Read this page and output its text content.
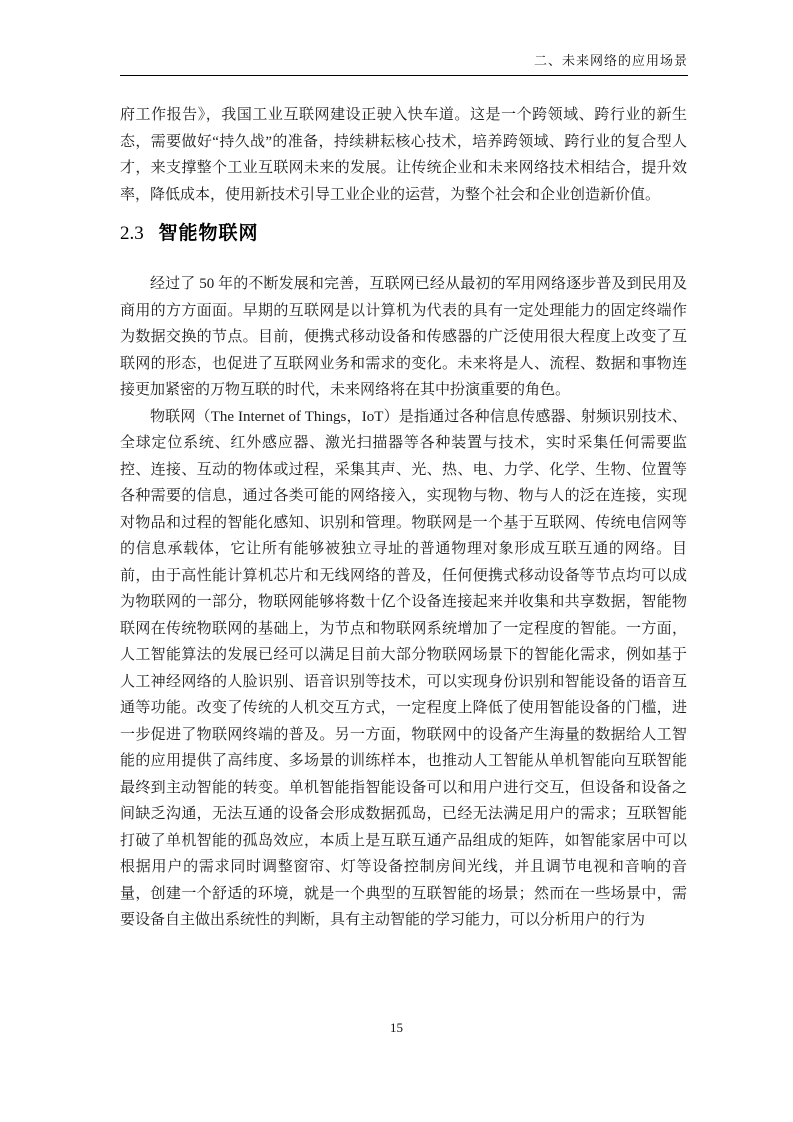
二、未来网络的应用场景

府工作报告》，我国工业互联网建设正驶入快车道。这是一个跨领域、跨行业的新生态，需要做好“持久战”的准备，持续耕耘核心技术，培养跨领域、跨行业的复合型人才，来支撑整个工业互联网未来的发展。让传统企业和未来网络技术相结合，提升效率，降低成本，使用新技术引导工业企业的运营，为整个社会和企业创造新价值。

2.3 智能物联网

经过了 50 年的不断发展和完善，互联网已经从最初的军用网络逐步普及到民用及商用的方方面面。早期的互联网是以计算机为代表的具有一定处理能力的固定终端作为数据交换的节点。目前，便携式移动设备和传感器的广泛使用很大程度上改变了互联网的形态，也促进了互联网业务和需求的变化。未来将是人、流程、数据和事物连接更加紧密的万物互联的时代，未来网络将在其中扮演重要的角色。

物联网（The Internet of Things，IoT）是指通过各种信息传感器、射频识别技术、全球定位系统、红外感应器、激光扫描器等各种装置与技术，实时采集任何需要监控、连接、互动的物体或过程，采集其声、光、热、电、力学、化学、生物、位置等各种需要的信息，通过各类可能的网络接入，实现物与物、物与人的泛在连接，实现对物品和过程的智能化感知、识别和管理。物联网是一个基于互联网、传统电信网等的信息承载体，它让所有能够被独立寻址的普通物理对象形成互联互通的网络。目前，由于高性能计算机芯片和无线网络的普及，任何便携式移动设备等节点均可以成为物联网的一部分，物联网能够将数十亿个设备连接起来并收集和共享数据，智能物联网在传统物联网的基础上，为节点和物联网系统增加了一定程度的智能。一方面，人工智能算法的发展已经可以满足目前大部分物联网场景下的智能化需求，例如基于人工神经网络的人脸识别、语音识别等技术，可以实现身份识别和智能设备的语音互通等功能。改变了传统的人机交互方式，一定程度上降低了使用智能设备的门槛，进一步促进了物联网终端的普及。另一方面，物联网中的设备产生海量的数据给人工智能的应用提供了高纬度、多场景的训练样本，也推动人工智能从单机智能向互联智能最终到主动智能的转变。单机智能指智能设备可以和用户进行交互，但设备和设备之间缺乏沟通，无法互通的设备会形成数据孤岛，已经无法满足用户的需求；互联智能打破了单机智能的孤岛效应，本质上是互联互通产品组成的矩阵，如智能家居中可以根据用户的需求同时调整窗帘、灯等设备控制房间光线，并且调节电视和音响的音量，创建一个舒适的环境，就是一个典型的互联智能的场景；然而在一些场景中，需要设备自主做出系统性的判断，具有主动智能的学习能力，可以分析用户的行为

15
